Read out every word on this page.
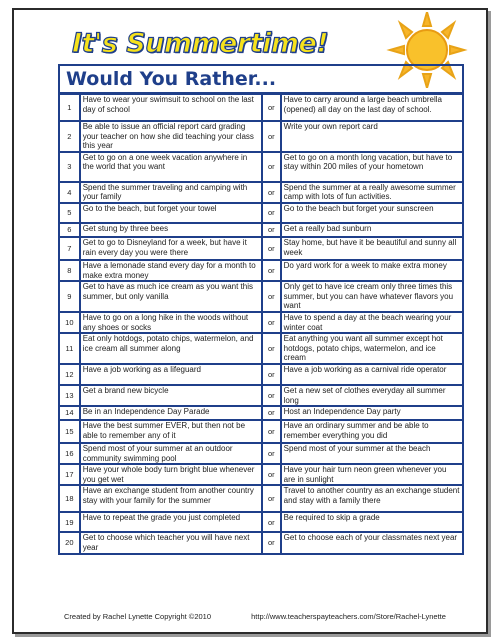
It's Summertime!
Would You Rather...
1	Have to wear your swimsuit to school on the last day of school	or	Have to carry around a large beach umbrella (opened) all day on the last day of school.
2	Be able to issue an official report card grading your teacher on how she did teaching your class this year	or	Write your own report card
3	Get to go on a one week vacation anywhere in the world that you want	or	Get to go on a month long vacation, but have to stay within 200 miles of your hometown
4	Spend the summer traveling and camping with your family	or	Spend the summer at a really awesome summer camp with lots of fun activities.
5	Go to the beach, but forget your towel	or	Go to the beach but forget your sunscreen
6	Get stung by three bees	or	Get a really bad sunburn
7	Get to go to Disneyland for a week, but have it rain every day you were there	or	Stay home, but have it be beautiful and sunny all week
8	Have a lemonade stand every day for a month to make extra money	or	Do yard work for a week to make extra money
9	Get to have as much ice cream as you want this summer, but only vanilla	or	Only get to have ice cream only three times this summer, but you can have whatever flavors you want
10	Have to go on a long hike in the woods without any shoes or socks	or	Have to spend a day at the beach wearing your winter coat
11	Eat only hotdogs, potato chips, watermelon, and ice cream all summer along	or	Eat anything you want all summer except hot hotdogs, potato chips, watermelon, and ice cream
12	Have a job working as a lifeguard	or	Have a job working as a carnival ride operator
13	Get a brand new bicycle	or	Get a new set of clothes everyday all summer long
14	Be in an Independence Day Parade	or	Host an Independence Day party
15	Have the best summer EVER, but then not be able to remember any of it	or	Have an ordinary summer and be able to remember everything you did
16	Spend most of your summer at an outdoor community swimming pool	or	Spend most of your summer at the beach
17	Have your whole body turn bright blue whenever you get wet	or	Have your hair turn neon green whenever you are in sunlight
18	Have an exchange student from another country stay with your family for the summer	or	Travel to another country as an exchange student and stay with a family there
19	Have to repeat the grade you just completed	or	Be required to skip a grade
20	Get to choose which teacher you will have next year	or	Get to choose each of your classmates next year
Created by Rachel Lynette Copyright ©2010	http://www.teacherspayteachers.com/Store/Rachel-Lynette
